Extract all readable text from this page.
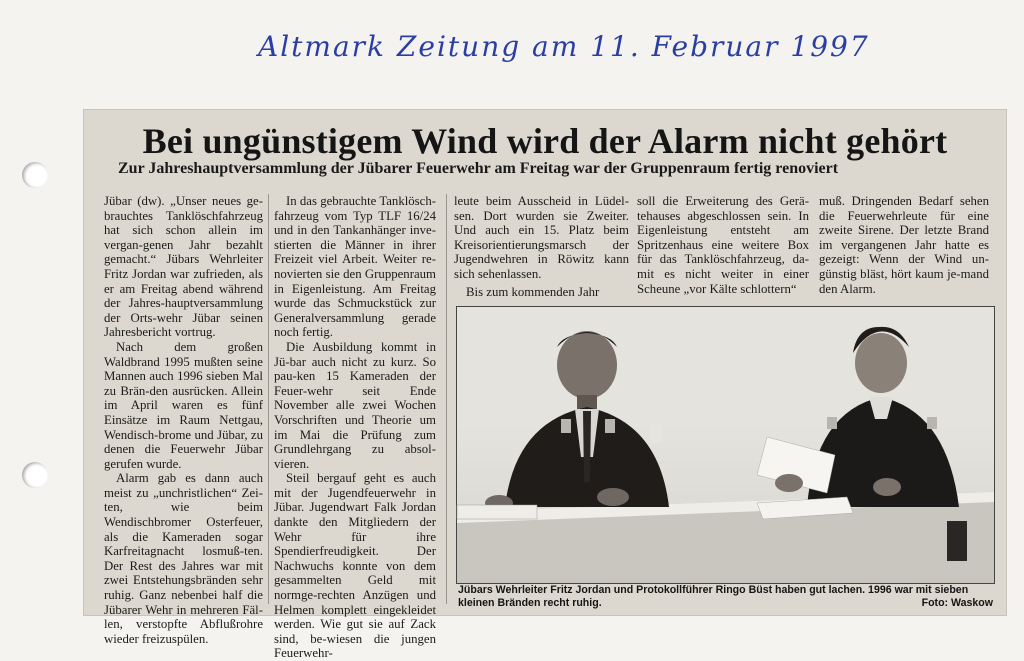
Altmark Zeitung am 11. Februar 1997
Bei ungünstigem Wind wird der Alarm nicht gehört
Zur Jahreshauptversammlung der Jübarer Feuerwehr am Freitag war der Gruppenraum fertig renoviert

Jübar (dw). „Unser neues ge-brauchtes Tanklöschfahrzeug hat sich schon allein im vergan-genen Jahr bezahlt gemacht.“ Jübars Wehrleiter Fritz Jordan war zufrieden, als er am Freitag abend während der Jahres-hauptversammlung der Orts-wehr Jübar seinen Jahresbericht vortrug.

Nach dem großen Waldbrand 1995 mußten seine Mannen auch 1996 sieben Mal zu Brän-den ausrücken. Allein im April waren es fünf Einsätze im Raum Nettgau, Wendisch-brome und Jübar, zu denen die Feuerwehr Jübar gerufen wurde.

Alarm gab es dann auch meist zu „unchristlichen“ Zei-ten, wie beim Wendischbromer Osterfeuer, als die Kameraden sogar Karfreitagnacht losmuß-ten. Der Rest des Jahres war mit zwei Entstehungsbränden sehr ruhig. Ganz nebenbei half die Jübarer Wehr in mehreren Fäl-len, verstopfte Abflußrohre wieder freizuspülen.

In das gebrauchte Tanklösch-fahrzeug vom Typ TLF 16/24 und in den Tankanhänger inve-stierten die Männer in ihrer Freizeit viel Arbeit. Weiter re-novierten sie den Gruppenraum in Eigenleistung. Am Freitag wurde das Schmuckstück zur Generalversammlung gerade noch fertig.

Die Ausbildung kommt in Jü-bar auch nicht zu kurz. So pau-ken 15 Kameraden der Feuer-wehr seit Ende November alle zwei Wochen Vorschriften und Theorie um im Mai die Prüfung zum Grundlehrgang zu absol-vieren.

Steil bergauf geht es auch mit der Jugendfeuerwehr in Jübar. Jugendwart Falk Jordan dankte den Mitgliedern der Wehr für ihre Spendierfreudigkeit. Der Nachwuchs konnte von dem gesammelten Geld mit normge-rechten Anzügen und Helmen komplett eingekleidet werden. Wie gut sie auf Zack sind, be-wiesen die jungen Feuerwehr-

leute beim Ausscheid in Lüdel-sen. Dort wurden sie Zweiter. Und auch ein 15. Platz beim Kreisorientierungsmarsch der Jugendwehren in Röwitz kann sich sehenlassen.

Bis zum kommenden Jahr

soll die Erweiterung des Gerä-tehauses abgeschlossen sein. In Eigenleistung entsteht am Spritzenhaus eine weitere Box für das Tanklöschfahrzeug, da-mit es nicht weiter in einer Scheune „vor Kälte schlottern“

muß. Dringenden Bedarf sehen die Feuerwehrleute für eine zweite Sirene. Der letzte Brand im vergangenen Jahr hatte es gezeigt: Wenn der Wind un-günstig bläst, hört kaum je-mand den Alarm.

Jübars Wehrleiter Fritz Jordan und Protokollführer Ringo Büst haben gut lachen. 1996 war mit sieben kleinen Bränden recht ruhig.	Foto: Waskow
